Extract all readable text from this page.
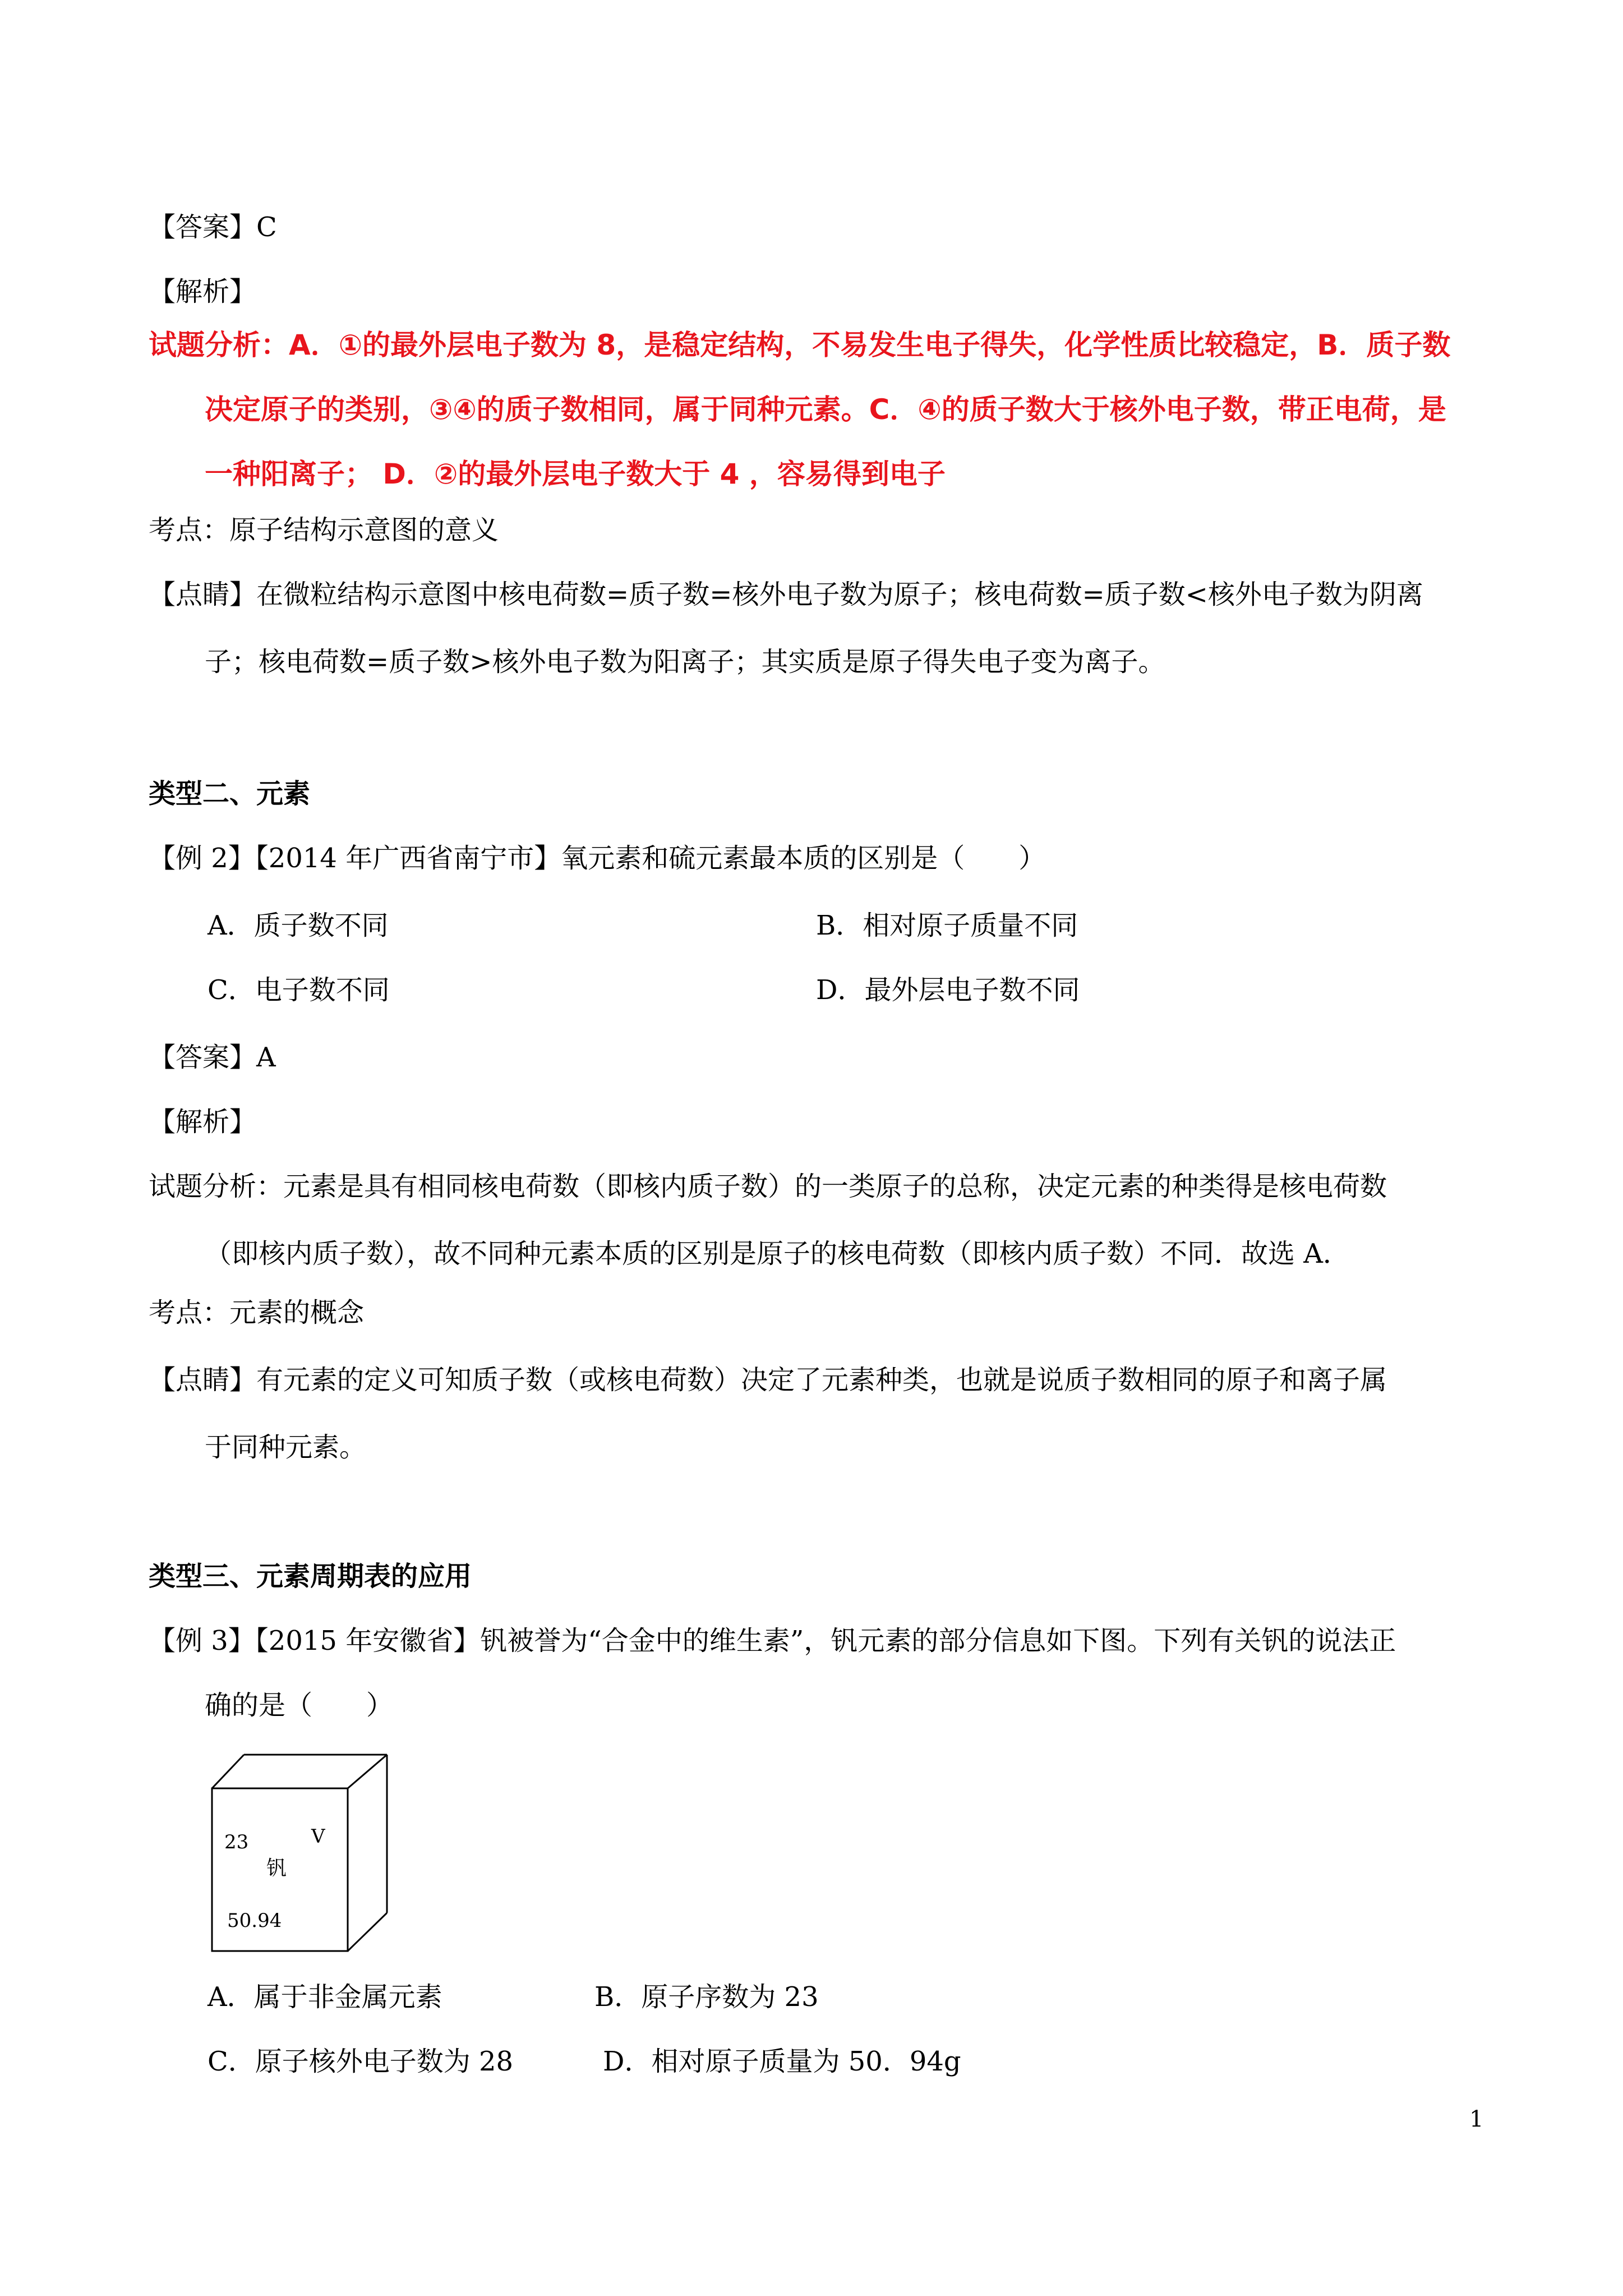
【答案】C
【解析】
试题分析：A．①的最外层电子数为 8，是稳定结构，不易发生电子得失，化学性质比较稳定，B．质子数
决定原子的类别，③④的质子数相同，属于同种元素。C．④的质子数大于核外电子数，带正电荷，是
一种阳离子； D．②的最外层电子数大于 4 ，容易得到电子
考点：原子结构示意图的意义
【点睛】在微粒结构示意图中核电荷数=质子数=核外电子数为原子；核电荷数=质子数<核外电子数为阴离
子；核电荷数=质子数>核外电子数为阳离子；其实质是原子得失电子变为离子。
类型二、元素
【例 2】【2014 年广西省南宁市】氧元素和硫元素最本质的区别是（　　）
A．质子数不同	B．相对原子质量不同
C．电子数不同	D．最外层电子数不同
【答案】A
【解析】
试题分析：元素是具有相同核电荷数（即核内质子数）的一类原子的总称，决定元素的种类得是核电荷数
（即核内质子数），故不同种元素本质的区别是原子的核电荷数（即核内质子数）不同．故选 A．
考点：元素的概念
【点睛】有元素的定义可知质子数（或核电荷数）决定了元素种类，也就是说质子数相同的原子和离子属
于同种元素。
类型三、元素周期表的应用
【例 3】【2015 年安徽省】钒被誉为“合金中的维生素”，钒元素的部分信息如下图。下列有关钒的说法正
确的是（　　）
23	V
钒
50.94
A．属于非金属元素	B．原子序数为 23
C．原子核外电子数为 28	D．相对原子质量为 50．94g
1
